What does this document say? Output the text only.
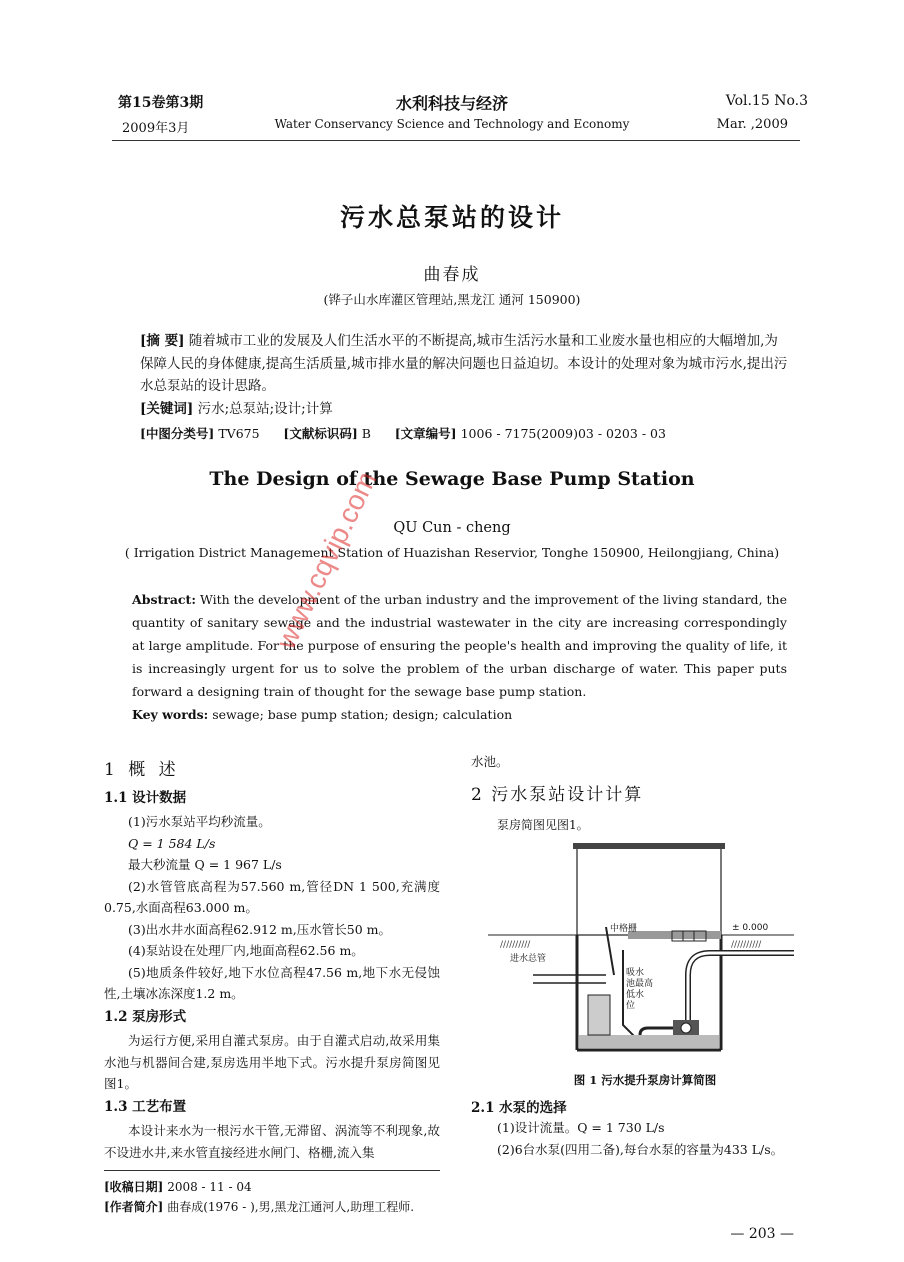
第15卷第3期
2009年3月
水利科技与经济
Water Conservancy Science and Technology and Economy
Vol.15 No.3
Mar. ,2009
污水总泵站的设计
曲春成
(铧子山水库灌区管理站,黑龙江 通河 150900)
[摘 要] 随着城市工业的发展及人们生活水平的不断提高,城市生活污水量和工业废水量也相应的大幅增加,为保障人民的身体健康,提高生活质量,城市排水量的解决问题也日益迫切。本设计的处理对象为城市污水,提出污水总泵站的设计思路。
[关键词] 污水;总泵站;设计;计算
[中图分类号] TV675 [文献标识码] B [文章编号] 1006 - 7175(2009)03 - 0203 - 03
The Design of the Sewage Base Pump Station
QU Cun - cheng
( Irrigation District Management Station of Huazishan Reservior, Tonghe 150900, Heilongjiang, China)
Abstract: With the development of the urban industry and the improvement of the living standard, the quantity of sanitary sewage and the industrial wastewater in the city are increasing correspondingly at large amplitude. For the purpose of ensuring the people's health and improving the quality of life, it is increasingly urgent for us to solve the problem of the urban discharge of water. This paper puts forward a designing train of thought for the sewage base pump station.
Key words: sewage; base pump station; design; calculation
1 概 述
1.1 设计数据
(1)污水泵站平均秒流量。
Q = 1 584 L/s
最大秒流量 Q = 1 967 L/s
(2)水管管底高程为57.560 m,管径DN 1 500,充满度0.75,水面高程63.000 m。
(3)出水井水面高程62.912 m,压水管长50 m。
(4)泵站设在处理厂内,地面高程62.56 m。
(5)地质条件较好,地下水位高程47.56 m,地下水无侵蚀性,土壤冰冻深度1.2 m。
1.2 泵房形式
为运行方便,采用自灌式泵房。由于自灌式启动,故采用集水池与机器间合建,泵房选用半地下式。污水提升泵房简图见图1。
1.3 工艺布置
本设计来水为一根污水干管,无滞留、涡流等不利现象,故不设进水井,来水管直接经进水闸门、格栅,流入集
水池。
2 污水泵站设计计算
泵房简图见图1。
//////////	//////////
± 0.000
中格栅
进水总管
吸水
池最高
低水
位
图 1 污水提升泵房计算简图
2.1 水泵的选择
(1)设计流量。Q = 1 730 L/s
(2)6台水泵(四用二备),每台水泵的容量为433 L/s。
[收稿日期] 2008 - 11 - 04
[作者简介] 曲春成(1976 - ),男,黑龙江通河人,助理工程师.
— 203 —
www.cqvip.com
